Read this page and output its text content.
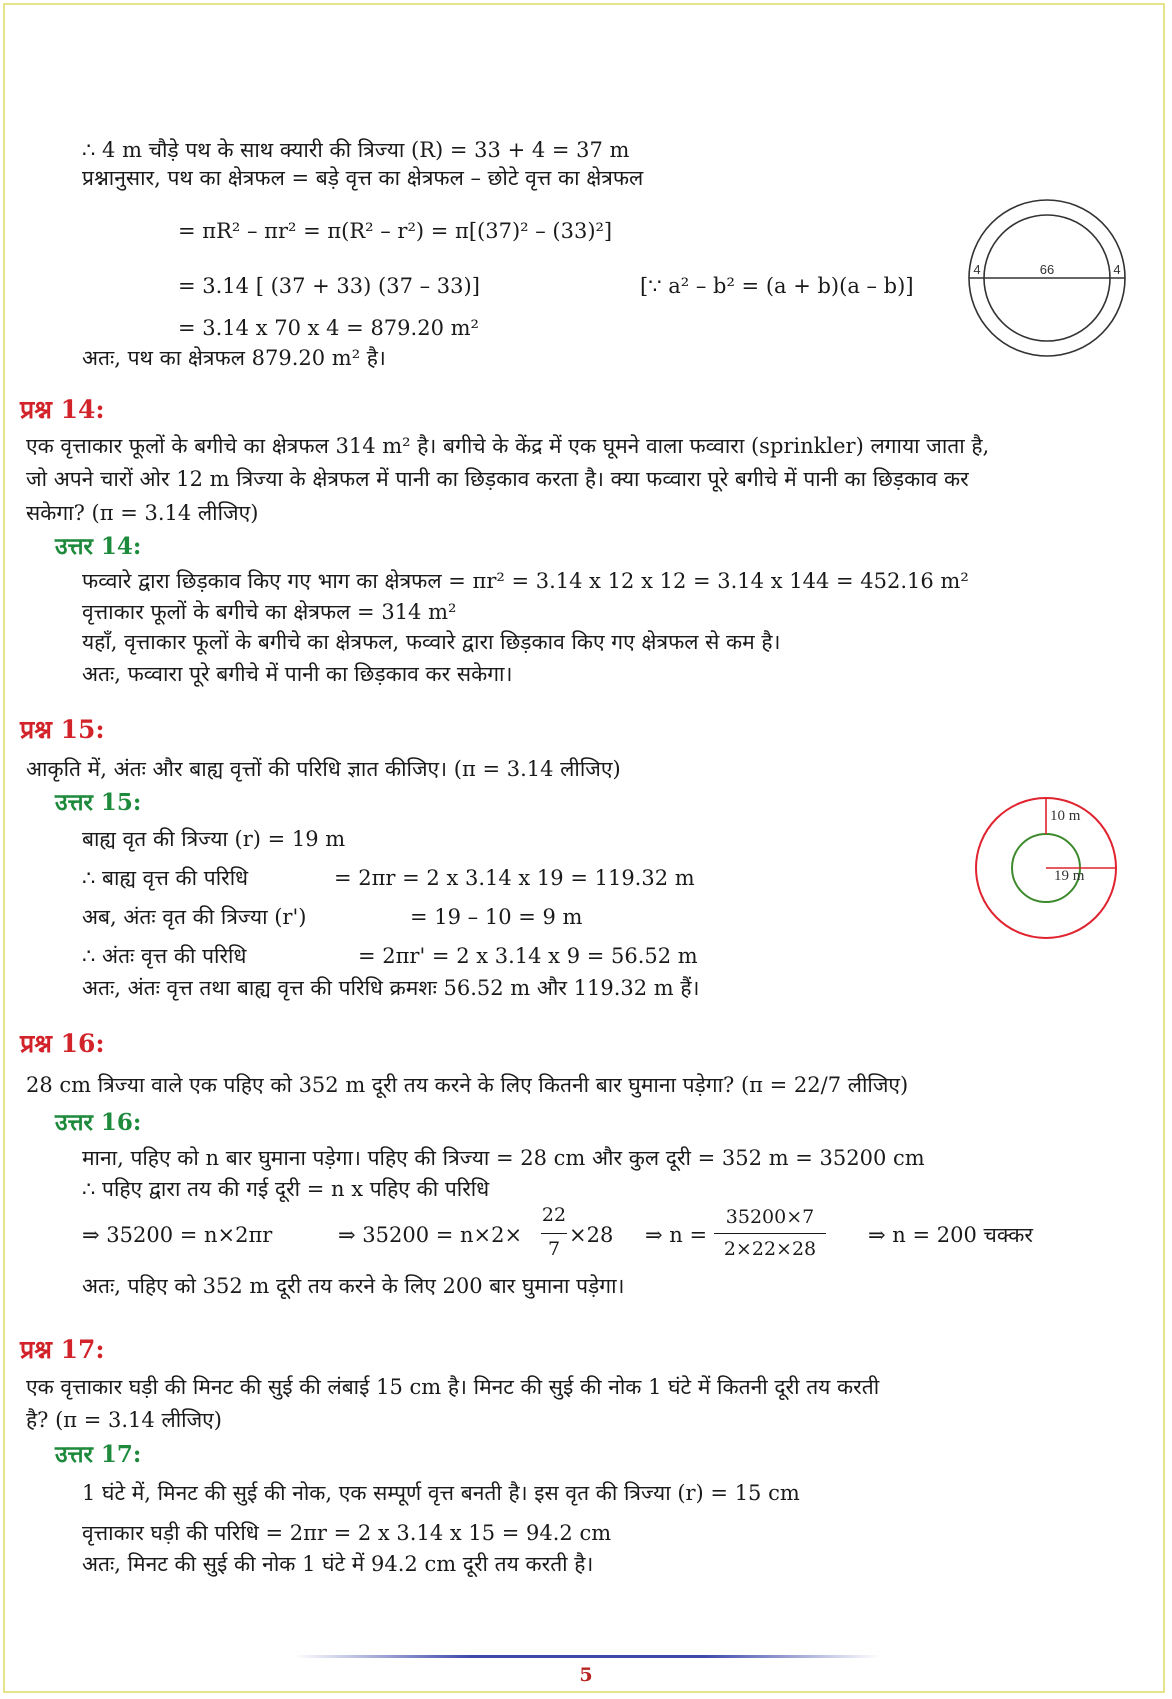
∴ 4 m चौड़े पथ के साथ क्यारी की त्रिज्या (R) = 33 + 4 = 37 m
प्रश्नानुसार, पथ का क्षेत्रफल = बड़े वृत्त का क्षेत्रफल – छोटे वृत्त का क्षेत्रफल
= πR² – πr² = π(R² – r²) = π[(37)² – (33)²]
= 3.14 [ (37 + 33) (37 – 33)]	[∵ a² – b² = (a + b)(a – b)]
= 3.14 x 70 x 4 = 879.20 m²
अतः, पथ का क्षेत्रफल 879.20 m² है।
66
4	4
प्रश्न 14:
एक वृत्ताकार फूलों के बगीचे का क्षेत्रफल 314 m² है। बगीचे के केंद्र में एक घूमने वाला फव्वारा (sprinkler) लगाया जाता है,
जो अपने चारों ओर 12 m त्रिज्या के क्षेत्रफल में पानी का छिड़काव करता है। क्या फव्वारा पूरे बगीचे में पानी का छिड़काव कर
सकेगा? (π = 3.14 लीजिए)
उत्तर 14:
फव्वारे द्वारा छिड़काव किए गए भाग का क्षेत्रफल = πr² = 3.14 x 12 x 12 = 3.14 x 144 = 452.16 m²
वृत्ताकार फूलों के बगीचे का क्षेत्रफल = 314 m²
यहाँ, वृत्ताकार फूलों के बगीचे का क्षेत्रफल, फव्वारे द्वारा छिड़काव किए गए क्षेत्रफल से कम है।
अतः, फव्वारा पूरे बगीचे में पानी का छिड़काव कर सकेगा।
प्रश्न 15:
आकृति में, अंतः और बाह्य वृत्तों की परिधि ज्ञात कीजिए। (π = 3.14 लीजिए)
उत्तर 15:
बाह्य वृत की त्रिज्या (r) = 19 m
∴ बाह्य वृत्त की परिधि	= 2πr = 2 x 3.14 x 19 = 119.32 m
अब, अंतः वृत की त्रिज्या (r')	= 19 – 10 = 9 m
∴ अंतः वृत्त की परिधि	= 2πr' = 2 x 3.14 x 9 = 56.52 m
अतः, अंतः वृत्त तथा बाह्य वृत्त की परिधि क्रमशः 56.52 m और 119.32 m हैं।
10 m
19 m
प्रश्न 16:
28 cm त्रिज्या वाले एक पहिए को 352 m दूरी तय करने के लिए कितनी बार घुमाना पड़ेगा? (π = 22/7 लीजिए)
उत्तर 16:
माना, पहिए को n बार घुमाना पड़ेगा। पहिए की त्रिज्या = 28 cm और कुल दूरी = 352 m = 35200 cm
∴ पहिए द्वारा तय की गई दूरी = n x पहिए की परिधि
⇒ 35200 = n×2πr	⇒ 35200 = n×2×
22
7
×28 ⇒ n =
35200×7
2×22×28
⇒ n = 200 चक्कर
अतः, पहिए को 352 m दूरी तय करने के लिए 200 बार घुमाना पड़ेगा।
प्रश्न 17:
एक वृत्ताकार घड़ी की मिनट की सुई की लंबाई 15 cm है। मिनट की सुई की नोक 1 घंटे में कितनी दूरी तय करती
है? (π = 3.14 लीजिए)
उत्तर 17:
1 घंटे में, मिनट की सुई की नोक, एक सम्पूर्ण वृत्त बनती है। इस वृत की त्रिज्या (r) = 15 cm
वृत्ताकार घड़ी की परिधि = 2πr = 2 x 3.14 x 15 = 94.2 cm
अतः, मिनट की सुई की नोक 1 घंटे में 94.2 cm दूरी तय करती है।
5
